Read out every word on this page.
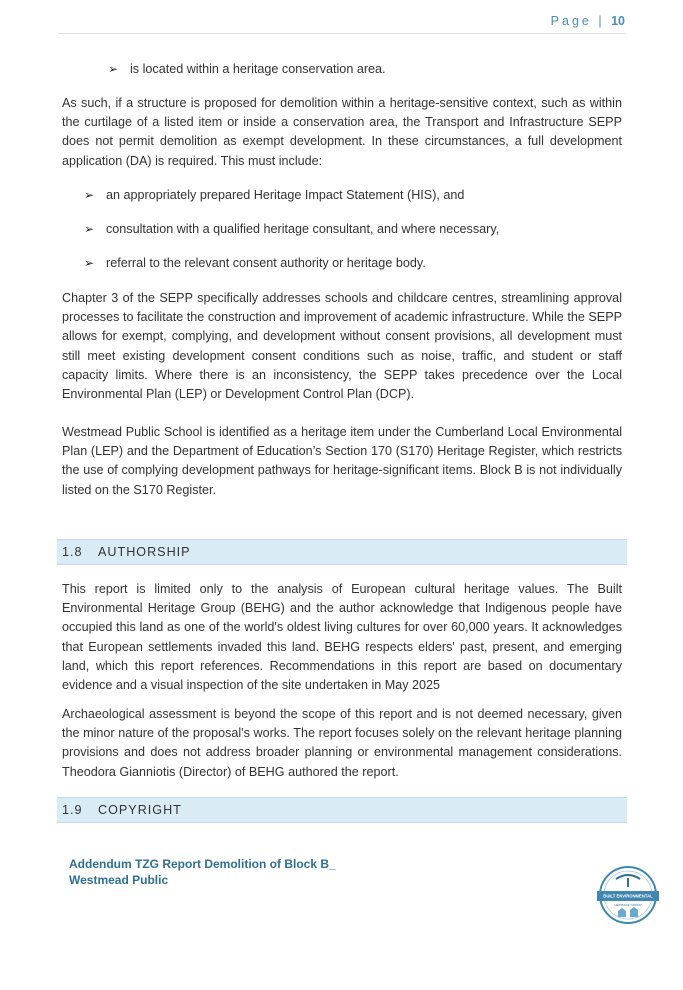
Page | 10
➢ is located within a heritage conservation area.

As such, if a structure is proposed for demolition within a heritage-sensitive context, such as within the curtilage of a listed item or inside a conservation area, the Transport and Infrastructure SEPP does not permit demolition as exempt development. In these circumstances, a full development application (DA) is required. This must include:

➢ an appropriately prepared Heritage Impact Statement (HIS), and
➢ consultation with a qualified heritage consultant, and where necessary,
➢ referral to the relevant consent authority or heritage body.

Chapter 3 of the SEPP specifically addresses schools and childcare centres, streamlining approval processes to facilitate the construction and improvement of academic infrastructure. While the SEPP allows for exempt, complying, and development without consent provisions, all development must still meet existing development consent conditions such as noise, traffic, and student or staff capacity limits. Where there is an inconsistency, the SEPP takes precedence over the Local Environmental Plan (LEP) or Development Control Plan (DCP).

Westmead Public School is identified as a heritage item under the Cumberland Local Environmental Plan (LEP) and the Department of Education’s Section 170 (S170) Heritage Register, which restricts the use of complying development pathways for heritage-significant items. Block B is not individually listed on the S170 Register.

1.8	AUTHORSHIP

This report is limited only to the analysis of European cultural heritage values. The Built Environmental Heritage Group (BEHG) and the author acknowledge that Indigenous people have occupied this land as one of the world's oldest living cultures for over 60,000 years. It acknowledges that European settlements invaded this land. BEHG respects elders' past, present, and emerging land, which this report references. Recommendations in this report are based on documentary evidence and a visual inspection of the site undertaken in May 2025

Archaeological assessment is beyond the scope of this report and is not deemed necessary, given the minor nature of the proposal's works. The report focuses solely on the relevant heritage planning provisions and does not address broader planning or environmental management considerations. Theodora Gianniotis (Director) of BEHG authored the report.

1.9	COPYRIGHT
Addendum TZG Report Demolition of Block B_
Westmead Public
BUILT ENVIRONMENTAL
HERITAGE GROUP
